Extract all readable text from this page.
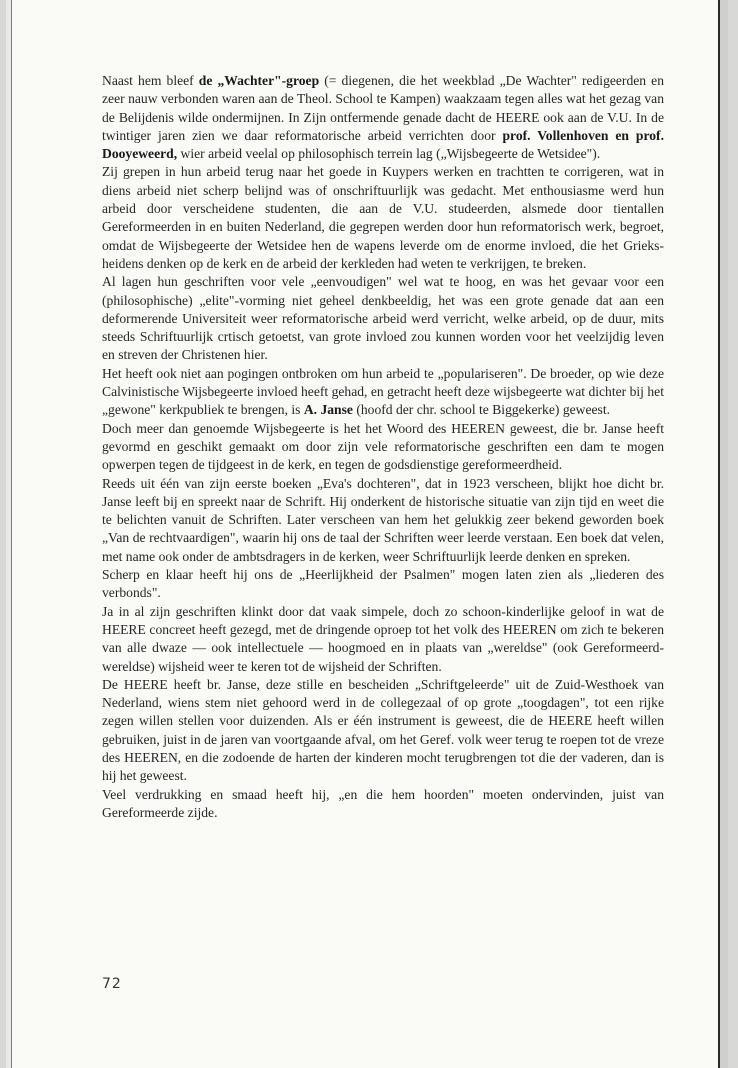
Naast hem bleef de „Wachter"-groep (= diegenen, die het weekblad „De Wachter" redigeerden en zeer nauw verbonden waren aan de Theol. School te Kampen) waakzaam tegen alles wat het gezag van de Belijdenis wilde ondermijnen. In Zijn ontfermende genade dacht de HEERE ook aan de V.U. In de twintiger jaren zien we daar reformatorische arbeid verrichten door prof. Vollenhoven en prof. Dooyeweerd, wier arbeid veelal op philosophisch terrein lag („Wijsbegeerte de Wetsidee").

Zij grepen in hun arbeid terug naar het goede in Kuypers werken en trachtten te corrigeren, wat in diens arbeid niet scherp belijnd was of onschriftuurlijk was gedacht. Met enthousiasme werd hun arbeid door verscheidene studenten, die aan de V.U. studeerden, alsmede door tientallen Gereformeerden in en buiten Nederland, die gegrepen werden door hun reformatorisch werk, begroet, omdat de Wijsbegeerte der Wetsidee hen de wapens leverde om de enorme invloed, die het Grieks-heidens denken op de kerk en de arbeid der kerkleden had weten te verkrijgen, te breken.

Al lagen hun geschriften voor vele „eenvoudigen" wel wat te hoog, en was het gevaar voor een (philosophische) „elite"-vorming niet geheel denkbeeldig, het was een grote genade dat aan een deformerende Universiteit weer reformatorische arbeid werd verricht, welke arbeid, op de duur, mits steeds Schriftuurlijk crtisch getoetst, van grote invloed zou kunnen worden voor het veelzijdig leven en streven der Christenen hier.

Het heeft ook niet aan pogingen ontbroken om hun arbeid te „populariseren". De broeder, op wie deze Calvinistische Wijsbegeerte invloed heeft gehad, en getracht heeft deze wijsbegeerte wat dichter bij het „gewone" kerkpubliek te brengen, is A. Janse (hoofd der chr. school te Biggekerke) geweest.

Doch meer dan genoemde Wijsbegeerte is het het Woord des HEEREN geweest, die br. Janse heeft gevormd en geschikt gemaakt om door zijn vele reformatorische geschriften een dam te mogen opwerpen tegen de tijdgeest in de kerk, en tegen de godsdienstige gereformeerdheid.

Reeds uit één van zijn eerste boeken „Eva's dochteren", dat in 1923 verscheen, blijkt hoe dicht br. Janse leeft bij en spreekt naar de Schrift. Hij onderkent de historische situatie van zijn tijd en weet die te belichten vanuit de Schriften. Later verscheen van hem het gelukkig zeer bekend geworden boek „Van de rechtvaardigen", waarin hij ons de taal der Schriften weer leerde verstaan. Een boek dat velen, met name ook onder de ambtsdragers in de kerken, weer Schriftuurlijk leerde denken en spreken.

Scherp en klaar heeft hij ons de „Heerlijkheid der Psalmen" mogen laten zien als „liederen des verbonds".

Ja in al zijn geschriften klinkt door dat vaak simpele, doch zo schoon-kinderlijke geloof in wat de HEERE concreet heeft gezegd, met de dringende oproep tot het volk des HEEREN om zich te bekeren van alle dwaze — ook intellectuele — hoogmoed en in plaats van „wereldse" (ook Gereformeerd-wereldse) wijsheid weer te keren tot de wijsheid der Schriften.

De HEERE heeft br. Janse, deze stille en bescheiden „Schriftgeleerde" uit de Zuid-Westhoek van Nederland, wiens stem niet gehoord werd in de collegezaal of op grote „toogdagen", tot een rijke zegen willen stellen voor duizenden. Als er één instrument is geweest, die de HEERE heeft willen gebruiken, juist in de jaren van voortgaande afval, om het Geref. volk weer terug te roepen tot de vreze des HEEREN, en die zodoende de harten der kinderen mocht terugbrengen tot die der vaderen, dan is hij het geweest.

Veel verdrukking en smaad heeft hij, „en die hem hoorden" moeten ondervinden, juist van Gereformeerde zijde.

72
